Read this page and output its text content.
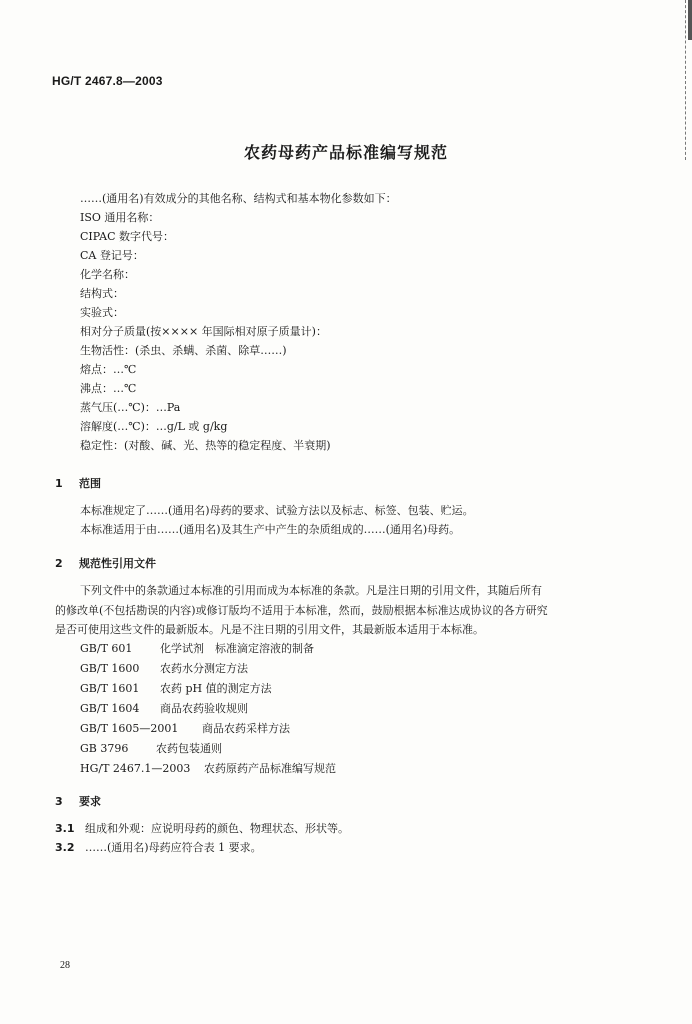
HG/T 2467.8—2003
农药母药产品标准编写规范
……(通用名)有效成分的其他名称、结构式和基本物化参数如下：
ISO 通用名称：
CIPAC 数字代号：
CA 登记号：
化学名称：
结构式：
实验式：
相对分子质量(按×××× 年国际相对原子质量计)：
生物活性：(杀虫、杀螨、杀菌、除草……)
熔点：…℃
沸点：…℃
蒸气压(…℃)：…Pa
溶解度(…℃)：…g/L 或 g/kg
稳定性：(对酸、碱、光、热等的稳定程度、半衰期)
1 范围
本标准规定了……(通用名)母药的要求、试验方法以及标志、标签、包装、贮运。
本标准适用于由……(通用名)及其生产中产生的杂质组成的……(通用名)母药。
2 规范性引用文件
下列文件中的条款通过本标准的引用而成为本标准的条款。凡是注日期的引用文件，其随后所有
的修改单(不包括勘误的内容)或修订版均不适用于本标准，然而，鼓励根据本标准达成协议的各方研究
是否可使用这些文件的最新版本。凡是不注日期的引用文件，其最新版本适用于本标准。
GB/T 601	化学试剂　标准滴定溶液的制备
GB/T 1600 农药水分测定方法
GB/T 1601 农药 pH 值的测定方法
GB/T 1604 商品农药验收规则
GB/T 1605—2001 商品农药采样方法
GB 3796	农药包装通则
HG/T 2467.1—2003 农药原药产品标准编写规范
3 要求
3.1 组成和外观：应说明母药的颜色、物理状态、形状等。
3.2 ……(通用名)母药应符合表 1 要求。
28
